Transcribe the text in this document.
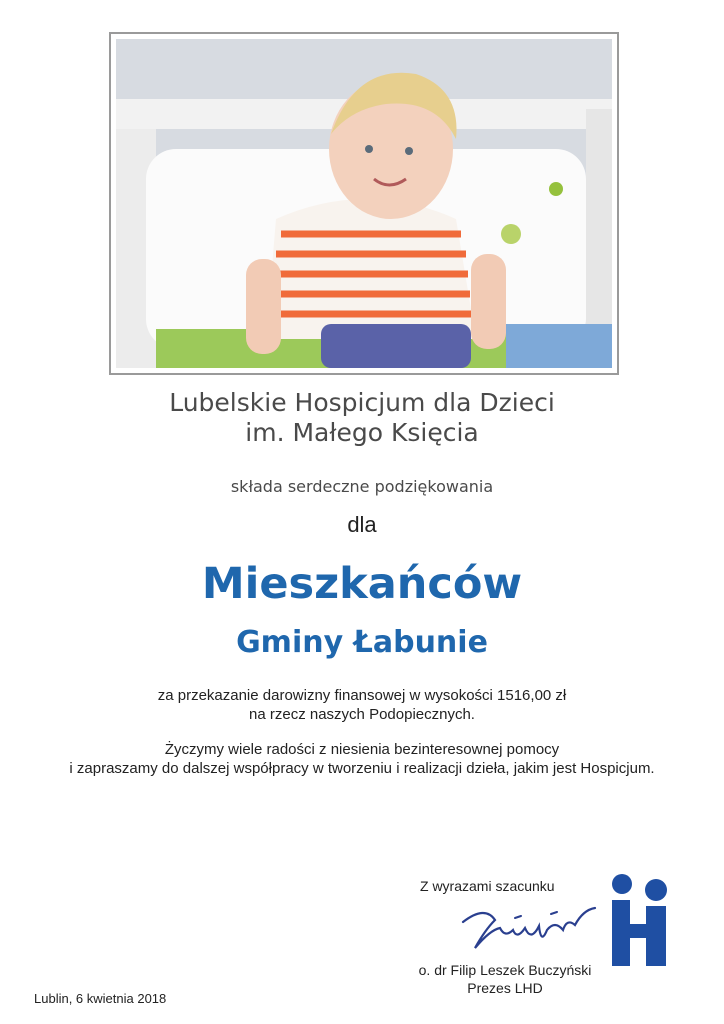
Lubelskie Hospicjum dla Dzieci
im. Małego Księcia
składa serdeczne podziękowania
dla
Mieszkańców
Gminy Łabunie
za przekazanie darowizny finansowej w wysokości 1516,00 zł
na rzecz naszych Podopiecznych.
Życzymy wiele radości z niesienia bezinteresownej pomocy
i zapraszamy do dalszej współpracy w tworzeniu i realizacji dzieła, jakim jest Hospicjum.
Z wyrazami szacunku
o. dr Filip Leszek Buczyński
Prezes LHD
Lublin, 6 kwietnia 2018
